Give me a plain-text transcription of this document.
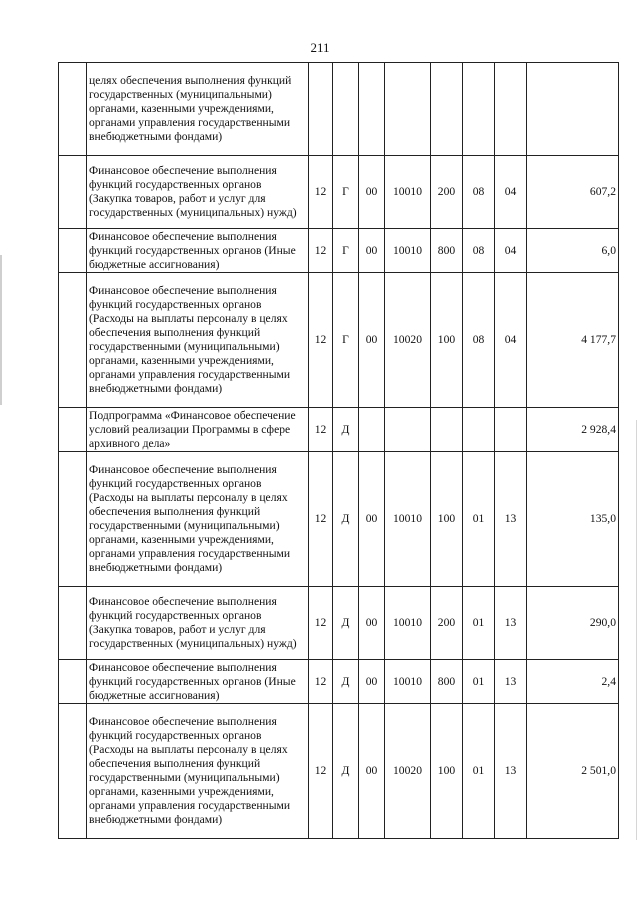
211
	целях обеспечения выполнения функций государственных (муниципальными) органами, казенными учреждениями, органами управления государственными внебюджетными фондами)								
	Финансовое обеспечение выполнения функций государственных органов (Закупка товаров, работ и услуг для государственных (муниципальных) нужд)	12	Г	00	10010	200	08	04	607,2
	Финансовое обеспечение выполнения функций государственных органов (Иные бюджетные ассигнования)	12	Г	00	10010	800	08	04	6,0
	Финансовое обеспечение выполнения функций государственных органов (Расходы на выплаты персоналу в целях обеспечения выполнения функций государственными (муниципальными) органами, казенными учреждениями, органами управления государственными внебюджетными фондами)	12	Г	00	10020	100	08	04	4 177,7
	Подпрограмма «Финансовое обеспечение условий реализации Программы в сфере архивного дела»	12	Д						2 928,4
	Финансовое обеспечение выполнения функций государственных органов (Расходы на выплаты персоналу в целях обеспечения выполнения функций государственными (муниципальными) органами, казенными учреждениями, органами управления государственными внебюджетными фондами)	12	Д	00	10010	100	01	13	135,0
	Финансовое обеспечение выполнения функций государственных органов (Закупка товаров, работ и услуг для государственных (муниципальных) нужд)	12	Д	00	10010	200	01	13	290,0
	Финансовое обеспечение выполнения функций государственных органов (Иные бюджетные ассигнования)	12	Д	00	10010	800	01	13	2,4
	Финансовое обеспечение выполнения функций государственных органов (Расходы на выплаты персоналу в целях обеспечения выполнения функций государственными (муниципальными) органами, казенными учреждениями, органами управления государственными внебюджетными фондами)	12	Д	00	10020	100	01	13	2 501,0
